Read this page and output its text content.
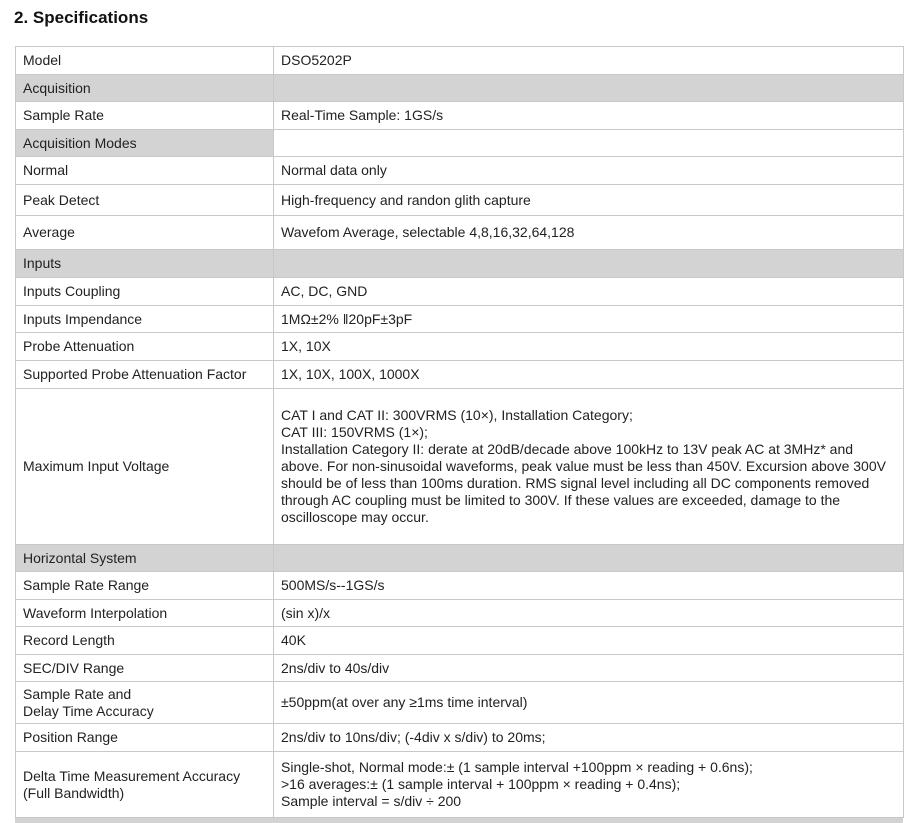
2. Specifications
Model	DSO5202P
Acquisition	
Sample Rate	Real-Time Sample: 1GS/s
Acquisition Modes	
Normal	Normal data only
Peak Detect	High-frequency and randon glith capture
Average	Wavefom Average, selectable 4,8,16,32,64,128
Inputs	
Inputs Coupling	AC, DC, GND
Inputs Impendance	1MΩ±2% ‖20pF±3pF
Probe Attenuation	1X, 10X
Supported Probe Attenuation Factor	1X, 10X, 100X, 1000X
Maximum Input Voltage	CAT I and CAT II: 300VRMS (10×), Installation Category;
CAT III: 150VRMS (1×);
Installation Category II: derate at 20dB/decade above 100kHz to 13V peak AC at 3MHz* and above. For non-sinusoidal waveforms, peak value must be less than 450V. Excursion above 300V should be of less than 100ms duration. RMS signal level including all DC components removed through AC coupling must be limited to 300V. If these values are exceeded, damage to the oscilloscope may occur.
Horizontal System	
Sample Rate Range	500MS/s--1GS/s
Waveform Interpolation	(sin x)/x
Record Length	40K
SEC/DIV Range	2ns/div to 40s/div
Sample Rate and
Delay Time Accuracy	±50ppm(at over any ≥1ms time interval)
Position Range	2ns/div to 10ns/div; (-4div x s/div) to 20ms;
Delta Time Measurement Accuracy
(Full Bandwidth)	Single-shot, Normal mode:± (1 sample interval +100ppm × reading + 0.6ns);
>16 averages:± (1 sample interval + 100ppm × reading + 0.4ns);
Sample interval = s/div ÷ 200
